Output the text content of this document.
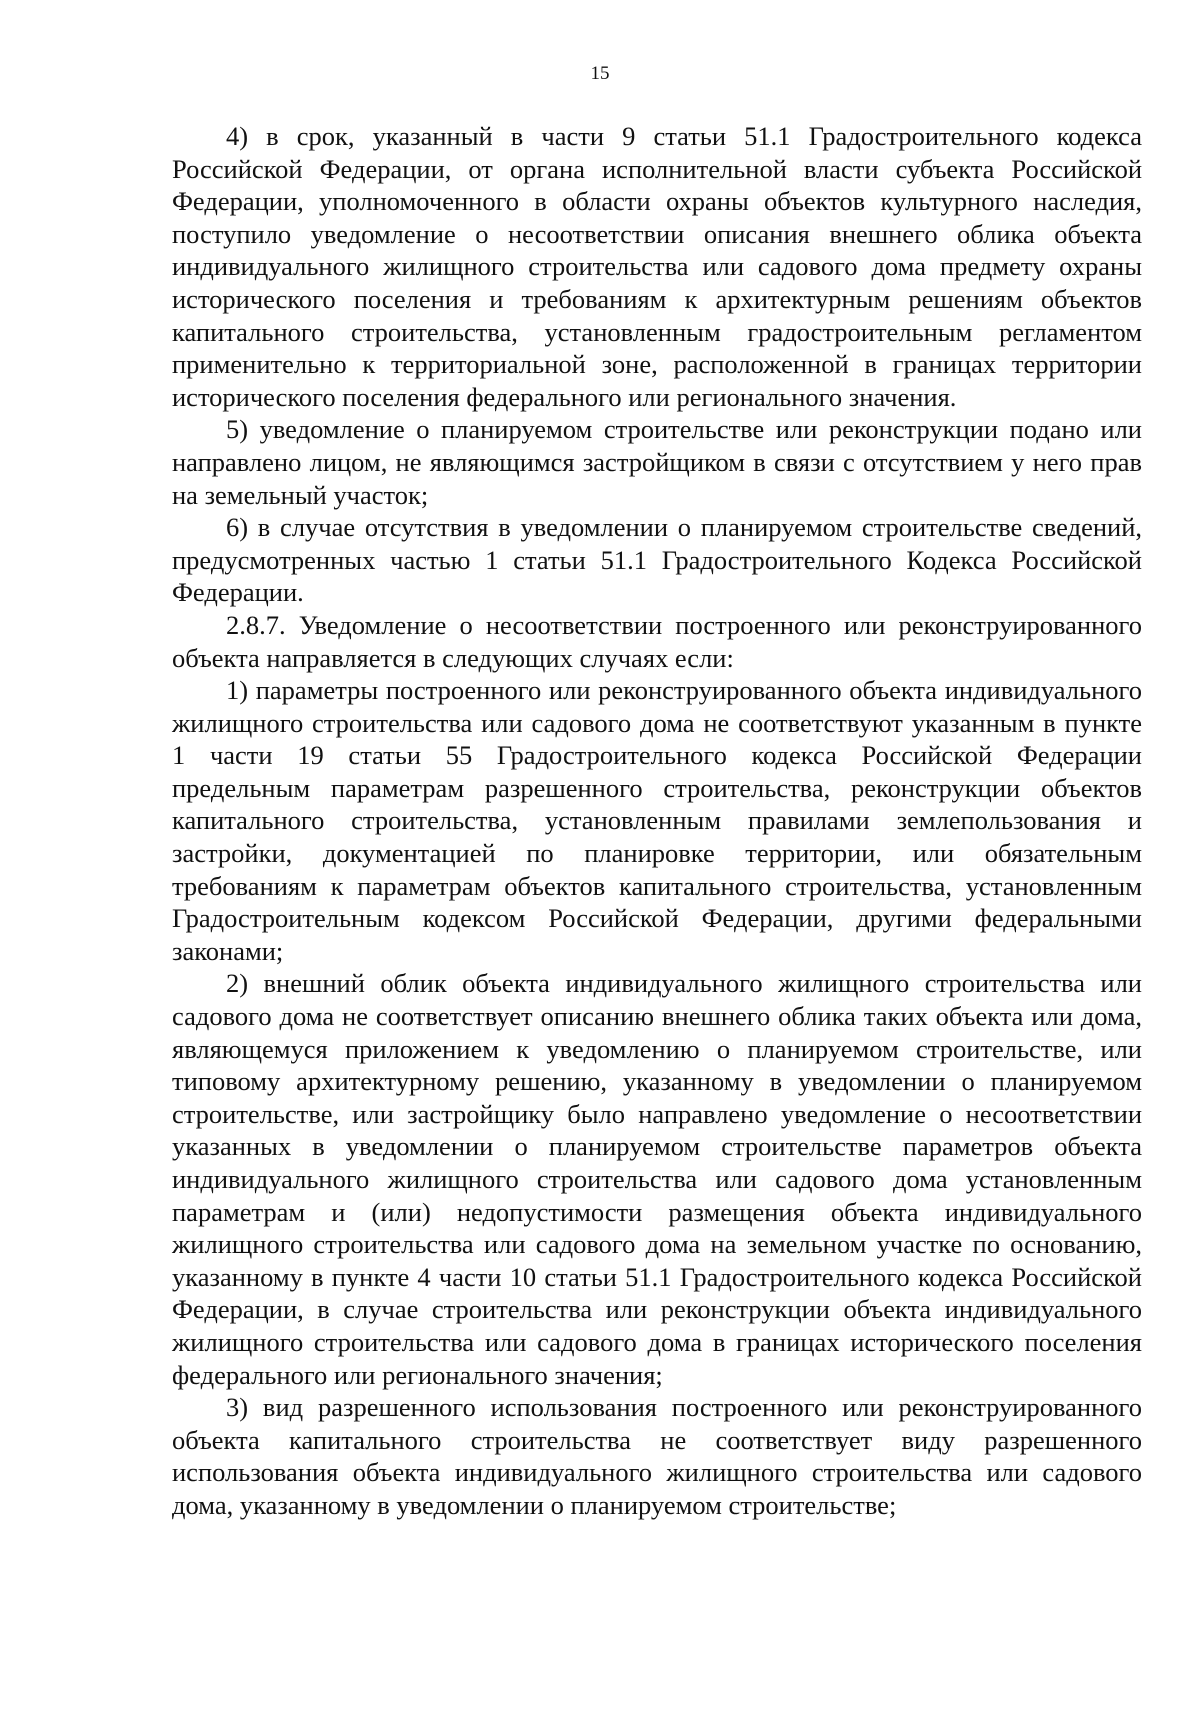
15

4) в срок, указанный в части 9 статьи 51.1 Градостроительного кодекса Российской Федерации, от органа исполнительной власти субъекта Российской Федерации, уполномоченного в области охраны объектов культурного наследия, поступило уведомление о несоответствии описания внешнего облика объекта индивидуального жилищного строительства или садового дома предмету охраны исторического поселения и требованиям к архитектурным решениям объектов капитального строительства, установленным градостроительным регламентом применительно к территориальной зоне, расположенной в границах территории исторического поселения федерального или регионального значения.

5) уведомление о планируемом строительстве или реконструкции подано или направлено лицом, не являющимся застройщиком в связи с отсутствием у него прав на земельный участок;

6) в случае отсутствия в уведомлении о планируемом строительстве сведений, предусмотренных частью 1 статьи 51.1 Градостроительного Кодекса Российской Федерации.

2.8.7. Уведомление о несоответствии построенного или реконструированного объекта направляется в следующих случаях если:

1) параметры построенного или реконструированного объекта индивидуального жилищного строительства или садового дома не соответствуют указанным в пункте 1 части 19 статьи 55 Градостроительного кодекса Российской Федерации предельным параметрам разрешенного строительства, реконструкции объектов капитального строительства, установленным правилами землепользования и застройки, документацией по планировке территории, или обязательным требованиям к параметрам объектов капитального строительства, установленным Градостроительным кодексом Российской Федерации, другими федеральными законами;

2) внешний облик объекта индивидуального жилищного строительства или садового дома не соответствует описанию внешнего облика таких объекта или дома, являющемуся приложением к уведомлению о планируемом строительстве, или типовому архитектурному решению, указанному в уведомлении о планируемом строительстве, или застройщику было направлено уведомление о несоответствии указанных в уведомлении о планируемом строительстве параметров объекта индивидуального жилищного строительства или садового дома установленным параметрам и (или) недопустимости размещения объекта индивидуального жилищного строительства или садового дома на земельном участке по основанию, указанному в пункте 4 части 10 статьи 51.1 Градостроительного кодекса Российской Федерации, в случае строительства или реконструкции объекта индивидуального жилищного строительства или садового дома в границах исторического поселения федерального или регионального значения;

3) вид разрешенного использования построенного или реконструированного объекта капитального строительства не соответствует виду разрешенного использования объекта индивидуального жилищного строительства или садового дома, указанному в уведомлении о планируемом строительстве;
